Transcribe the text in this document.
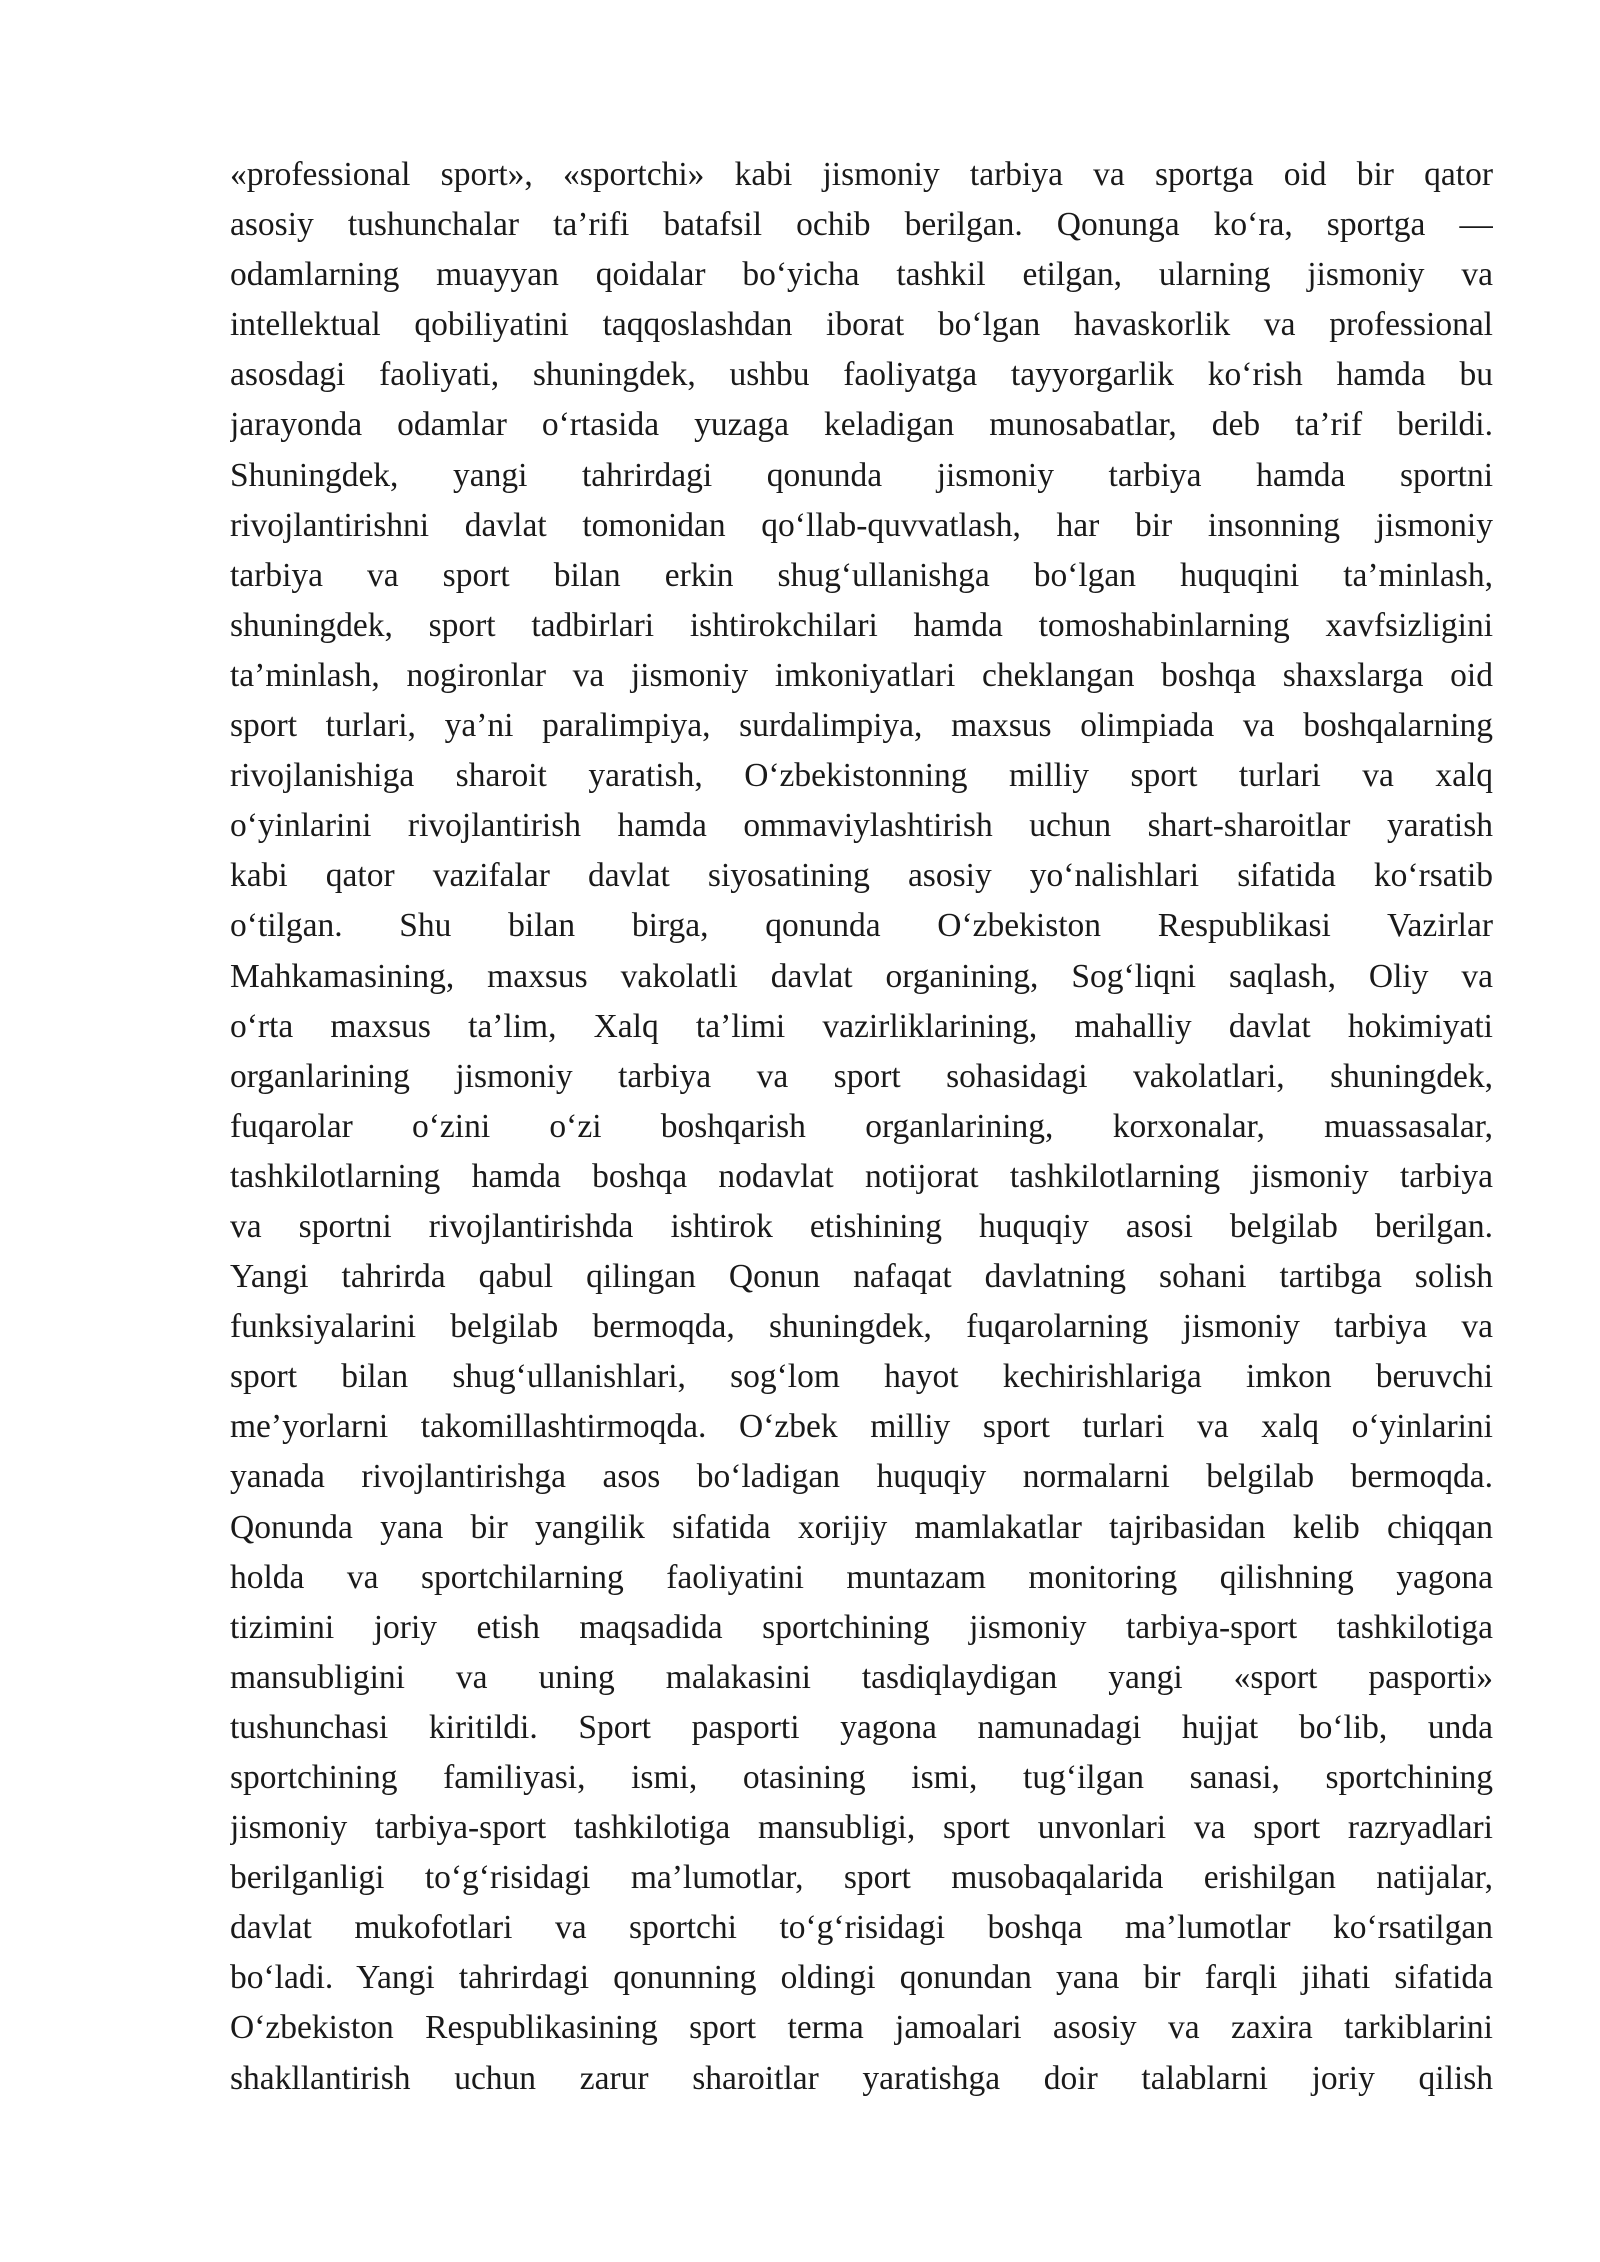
«professional sport», «sportchi» kabi jismoniy tarbiya va sportga oid bir qator
asosiy tushunchalar ta’rifi batafsil ochib berilgan. Qonunga ko‘ra, sportga —
odamlarning muayyan qoidalar bo‘yicha tashkil etilgan, ularning jismoniy va
intellektual qobiliyatini taqqoslashdan iborat bo‘lgan havaskorlik va professional
asosdagi faoliyati, shuningdek, ushbu faoliyatga tayyorgarlik ko‘rish hamda bu
jarayonda odamlar o‘rtasida yuzaga keladigan munosabatlar, deb ta’rif berildi.
Shuningdek, yangi tahrirdagi qonunda jismoniy tarbiya hamda sportni
rivojlantirishni davlat tomonidan qo‘llab-quvvatlash, har bir insonning jismoniy
tarbiya va sport bilan erkin shug‘ullanishga bo‘lgan huquqini ta’minlash,
shuningdek, sport tadbirlari ishtirokchilari hamda tomoshabinlarning xavfsizligini
ta’minlash, nogironlar va jismoniy imkoniyatlari cheklangan boshqa shaxslarga oid
sport turlari, ya’ni paralimpiya, surdalimpiya, maxsus olimpiada va boshqalarning
rivojlanishiga sharoit yaratish, O‘zbekistonning milliy sport turlari va xalq
o‘yinlarini rivojlantirish hamda ommaviylashtirish uchun shart-sharoitlar yaratish
kabi qator vazifalar davlat siyosatining asosiy yo‘nalishlari sifatida ko‘rsatib
o‘tilgan. Shu bilan birga, qonunda O‘zbekiston Respublikasi Vazirlar
Mahkamasining, maxsus vakolatli davlat organining, Sog‘liqni saqlash, Oliy va
o‘rta maxsus ta’lim, Xalq ta’limi vazirliklarining, mahalliy davlat hokimiyati
organlarining jismoniy tarbiya va sport sohasidagi vakolatlari, shuningdek,
fuqarolar o‘zini o‘zi boshqarish organlarining, korxonalar, muassasalar,
tashkilotlarning hamda boshqa nodavlat notijorat tashkilotlarning jismoniy tarbiya
va sportni rivojlantirishda ishtirok etishining huquqiy asosi belgilab berilgan.
Yangi tahrirda qabul qilingan Qonun nafaqat davlatning sohani tartibga solish
funksiyalarini belgilab bermoqda, shuningdek, fuqarolarning jismoniy tarbiya va
sport bilan shug‘ullanishlari, sog‘lom hayot kechirishlariga imkon beruvchi
me’yorlarni takomillashtirmoqda. O‘zbek milliy sport turlari va xalq o‘yinlarini
yanada rivojlantirishga asos bo‘ladigan huquqiy normalarni belgilab bermoqda.
Qonunda yana bir yangilik sifatida xorijiy mamlakatlar tajribasidan kelib chiqqan
holda va sportchilarning faoliyatini muntazam monitoring qilishning yagona
tizimini joriy etish maqsadida sportchining jismoniy tarbiya-sport tashkilotiga
mansubligini va uning malakasini tasdiqlaydigan yangi «sport pasporti»
tushunchasi kiritildi. Sport pasporti yagona namunadagi hujjat bo‘lib, unda
sportchining familiyasi, ismi, otasining ismi, tug‘ilgan sanasi, sportchining
jismoniy tarbiya-sport tashkilotiga mansubligi, sport unvonlari va sport razryadlari
berilganligi to‘g‘risidagi ma’lumotlar, sport musobaqalarida erishilgan natijalar,
davlat mukofotlari va sportchi to‘g‘risidagi boshqa ma’lumotlar ko‘rsatilgan
bo‘ladi. Yangi tahrirdagi qonunning oldingi qonundan yana bir farqli jihati sifatida
O‘zbekiston Respublikasining sport terma jamoalari asosiy va zaxira tarkiblarini
shakllantirish uchun zarur sharoitlar yaratishga doir talablarni joriy qilish
